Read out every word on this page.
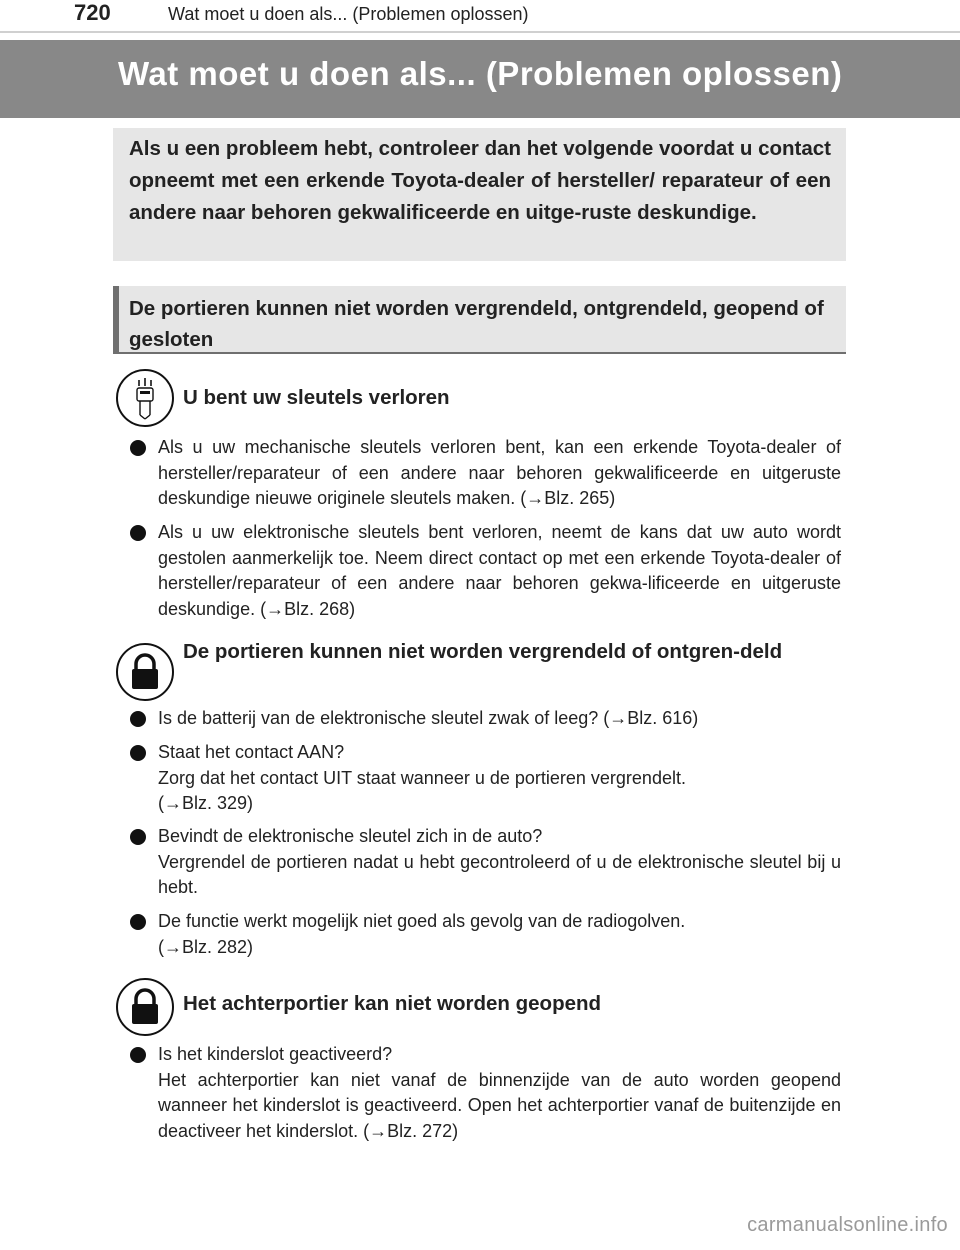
720	Wat moet u doen als... (Problemen oplossen)
Wat moet u doen als... (Problemen oplossen)

Als u een probleem hebt, controleer dan het volgende voordat u contact opneemt met een erkende Toyota-dealer of hersteller/ reparateur of een andere naar behoren gekwalificeerde en uitge-ruste deskundige.

De portieren kunnen niet worden vergrendeld, ontgrendeld, geopend of gesloten

U bent uw sleutels verloren
Als u uw mechanische sleutels verloren bent, kan een erkende Toyota-dealer of hersteller/reparateur of een andere naar behoren gekwalificeerde en uitgeruste deskundige nieuwe originele sleutels maken. (→Blz. 265)
Als u uw elektronische sleutels bent verloren, neemt de kans dat uw auto wordt gestolen aanmerkelijk toe. Neem direct contact op met een erkende Toyota-dealer of hersteller/reparateur of een andere naar behoren gekwa-lificeerde en uitgeruste deskundige. (→Blz. 268)
De portieren kunnen niet worden vergrendeld of ontgren-deld
Is de batterij van de elektronische sleutel zwak of leeg? (→Blz. 616)
Staat het contact AAN?
Zorg dat het contact UIT staat wanneer u de portieren vergrendelt.
(→Blz. 329)
Bevindt de elektronische sleutel zich in de auto?
Vergrendel de portieren nadat u hebt gecontroleerd of u de elektronische sleutel bij u hebt.
De functie werkt mogelijk niet goed als gevolg van de radiogolven.
(→Blz. 282)
Het achterportier kan niet worden geopend
Is het kinderslot geactiveerd?
Het achterportier kan niet vanaf de binnenzijde van de auto worden geopend wanneer het kinderslot is geactiveerd. Open het achterportier vanaf de buitenzijde en deactiveer het kinderslot. (→Blz. 272)
carmanualsonline.info
